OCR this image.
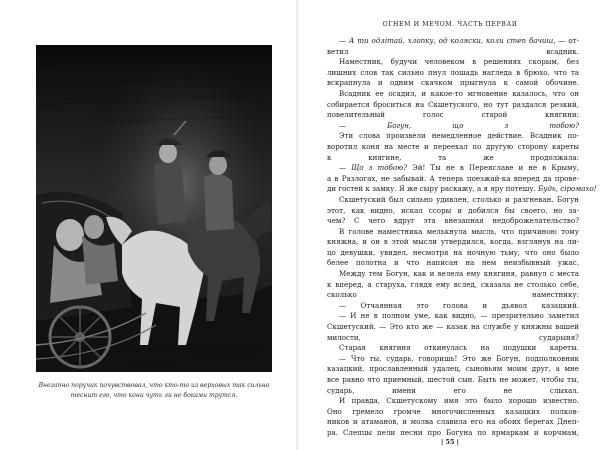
Внезапно поручик почувствовал, что кто-то из верховых так сильно
теснит его, что кони чуть ли не боками трутся.
ОГНЕМ И МЕЧОМ. ЧАСТЬ ПЕРВАЯ
— А ти одлітай, хлопку, од коляски, коли степ бачиш, — от-
ветил всадник.
Наместник, будучи человеком в решениях скорым, без
лишних слов так сильно пнул лошадь нагледа в брюхо, что та
вскрапнула и одним скачком прыгнула к самой обочине.
Всадник ее осадил, и какое-то мгновение казалось, что он
собирается броситься на Скшетуского, но тут раздался резкий,
повелительный голос старой княгини:
— Богун, що з тобою?
Эти слова произвели немедленное действие. Всадник по-
воротил коня на месте и переехал по другую сторону кареты
к княгине, та же продолжала:
— Що з тобою? Эй! Ты не в Переяславе и не в Крыму,
а в Разлогах, не забывай. А теперь поезжай-ка вперед да прове-
ди гостей к замку. Я же сыру раскажу, а я яру потешу. Будь, сіромахо!
Скшетуский был сильно удивлен, столько и разгневан. Богун
этот, как видно, искал ссоры и добился бы своего, но за-
чем? С чего вдруг эта внезапная недоброжелательство?
В голове наместника мелькнула мысль, что причиною тому
княжна, и он в этой мысли утвердился, когда, взглянув на ли-
цо девушки, увидел, несмотря на ночную тьму, что оно было
белее полотна и что написан на нем неизбывный ужас.
Между тем Богун, как и велела ему княгиня, равнул с места
к вперед, а старуха, глядя ему вслед, сказала не столько себе,
сколько наместнику:
— Отчаянная это голова и дьявол казацкий.
— И не в полном уме, как видно, — презрительно заметил
Скшетуский. — Это кто же — казак на службе у княжны вашей
милости, сударыня?
Старая княгиня откинулась на подушки кареты.
— Что ты, сударь, говоришь! Это же Богун, подполковник
казацкий, прославленный удалец, сыновьям моим друг, а мне
все равно что приемный, шестой сын. Быть не может, чтобы ты,
сударь, имени его не слыхал.
И правда, Скшетускому имя это было хорошо известно.
Оно гремело громче многочисленных казацких полков-
ников и атаманов, и молва славила его на обоих берегах Днеп-
ра. Слепцы пели песни про Богуна по ярмаркам и корчмам,
| 55 |
